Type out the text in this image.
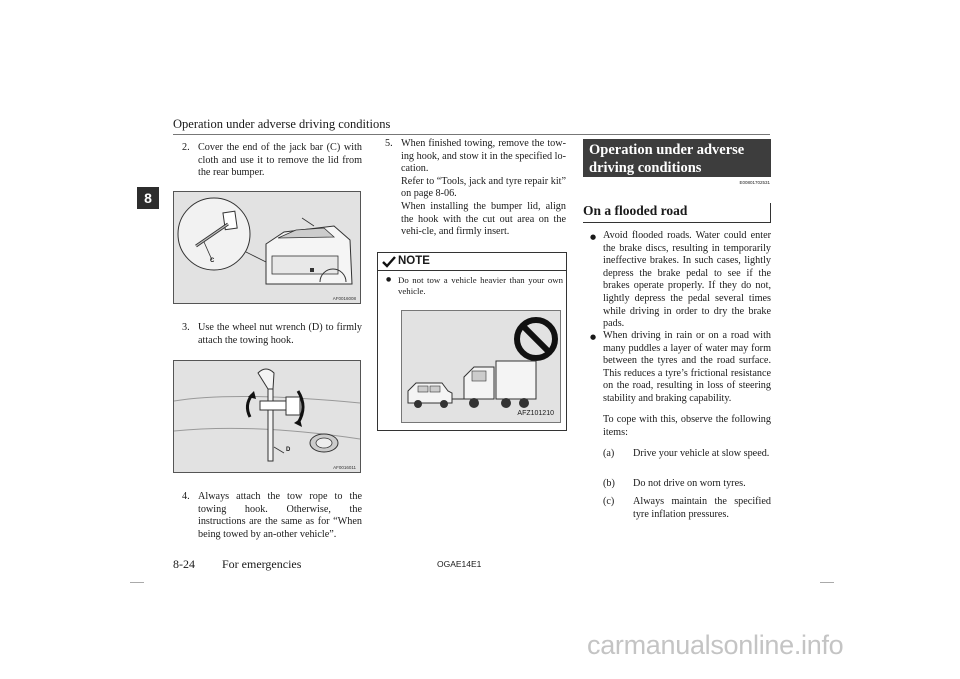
Operation under adverse driving conditions
8
2. Cover the end of the jack bar (C) with cloth and use it to remove the lid from the rear bumper.
C
AF0016008
3. Use the wheel nut wrench (D) to firmly attach the towing hook.
D
AF0016011
4. Always attach the tow rope to the towing hook. Otherwise, the instructions are the same as for “When being towed by an-other vehicle”.
5. When finished towing, remove the tow-ing hook, and stow it in the specified lo-cation.
Refer to “Tools, jack and tyre repair kit” on page 8-06.
When installing the bumper lid, align the hook with the cut out area on the vehi-cle, and firmly insert.
NOTE
● Do not tow a vehicle heavier than your own vehicle.
AFZ101210
Operation under adverse driving conditions
E00801702531
On a flooded road
● Avoid flooded roads. Water could enter the brake discs, resulting in temporarily ineffective brakes. In such cases, lightly depress the brake pedal to see if the brakes operate properly. If they do not, lightly depress the pedal several times while driving in order to dry the brake pads.
● When driving in rain or on a road with many puddles a layer of water may form between the tyres and the road surface. This reduces a tyre’s frictional resistance on the road, resulting in loss of steering stability and braking capability.
To cope with this, observe the following items:
(a) Drive your vehicle at slow speed.
(b) Do not drive on worn tyres.
(c) Always maintain the specified tyre inflation pressures.
8-24 For emergencies	OGAE14E1
carmanualsonline.info
